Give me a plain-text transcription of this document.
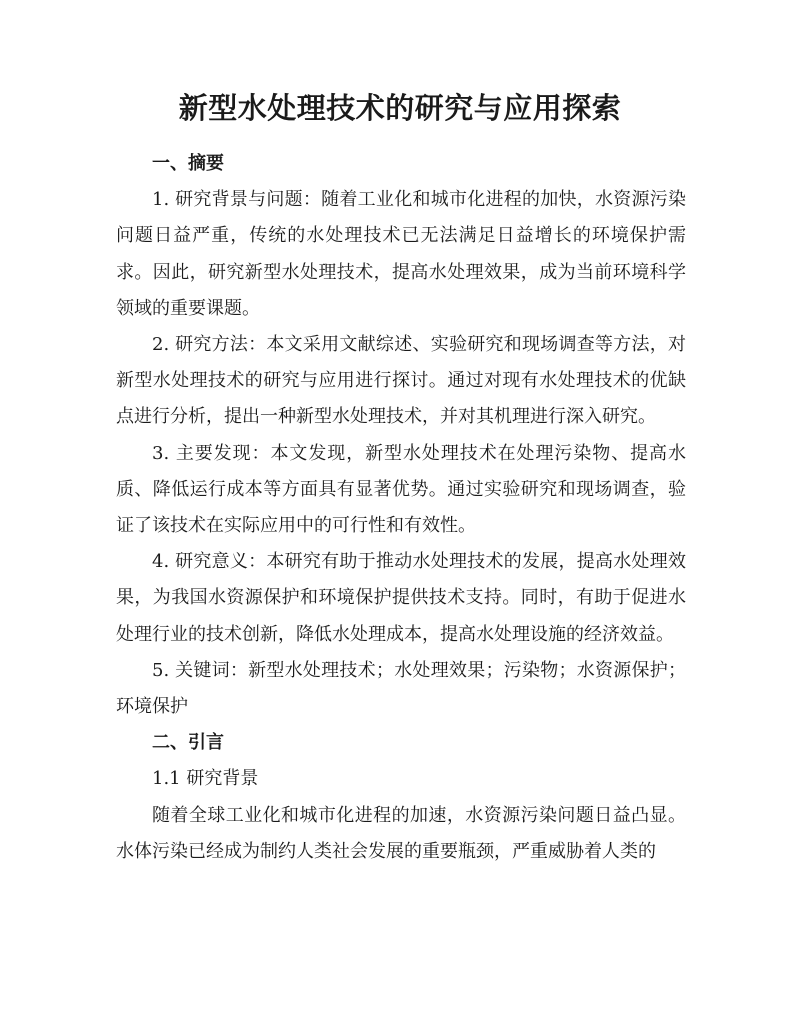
新型水处理技术的研究与应用探索

一、摘要

1. 研究背景与问题：随着工业化和城市化进程的加快，水资源污染问题日益严重，传统的水处理技术已无法满足日益增长的环境保护需求。因此，研究新型水处理技术，提高水处理效果，成为当前环境科学领域的重要课题。

2. 研究方法：本文采用文献综述、实验研究和现场调查等方法，对新型水处理技术的研究与应用进行探讨。通过对现有水处理技术的优缺点进行分析，提出一种新型水处理技术，并对其机理进行深入研究。

3. 主要发现：本文发现，新型水处理技术在处理污染物、提高水质、降低运行成本等方面具有显著优势。通过实验研究和现场调查，验证了该技术在实际应用中的可行性和有效性。

4. 研究意义：本研究有助于推动水处理技术的发展，提高水处理效果，为我国水资源保护和环境保护提供技术支持。同时，有助于促进水处理行业的技术创新，降低水处理成本，提高水处理设施的经济效益。

5. 关键词：新型水处理技术；水处理效果；污染物；水资源保护；环境保护

二、引言

1.1 研究背景

随着全球工业化和城市化进程的加速，水资源污染问题日益凸显。水体污染已经成为制约人类社会发展的重要瓶颈，严重威胁着人类的
